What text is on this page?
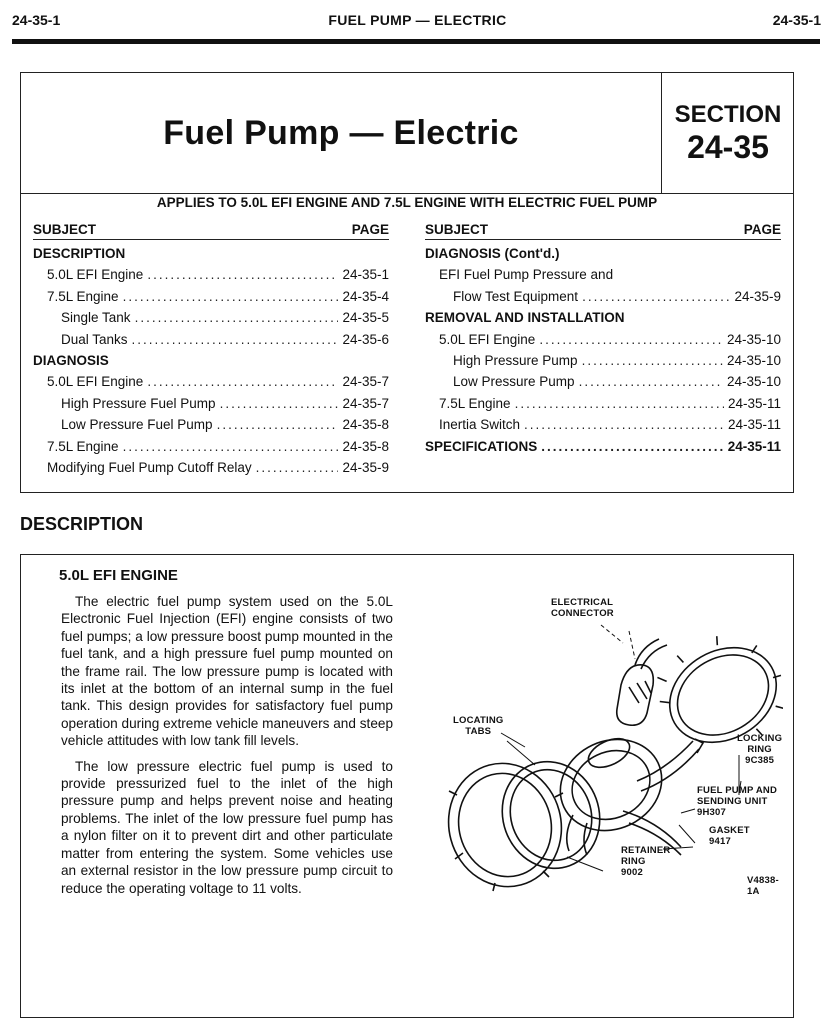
24-35-1	FUEL PUMP — ELECTRIC	24-35-1
Fuel Pump — Electric	SECTION
24-35
APPLIES TO 5.0L EFI ENGINE AND 7.5L ENGINE WITH ELECTRIC FUEL PUMP
SUBJECT	PAGE
DESCRIPTION
5.0L EFI Engine .....	24-35-1
7.5L Engine .....	24-35-4
Single Tank .....	24-35-5
Dual Tanks .....	24-35-6
DIAGNOSIS
5.0L EFI Engine .....	24-35-7
High Pressure Fuel Pump .....	24-35-7
Low Pressure Fuel Pump .....	24-35-8
7.5L Engine .....	24-35-8
Modifying Fuel Pump Cutoff Relay .....	24-35-9
SUBJECT	PAGE
DIAGNOSIS (Cont'd.)
EFI Fuel Pump Pressure and
Flow Test Equipment .....	24-35-9
REMOVAL AND INSTALLATION
5.0L EFI Engine .....	24-35-10
High Pressure Pump .....	24-35-10
Low Pressure Pump .....	24-35-10
7.5L Engine .....	24-35-11
Inertia Switch .....	24-35-11
SPECIFICATIONS .....	24-35-11
DESCRIPTION
5.0L EFI ENGINE

The electric fuel pump system used on the 5.0L Electronic Fuel Injection (EFI) engine consists of two fuel pumps; a low pressure boost pump mounted in the fuel tank, and a high pressure fuel pump mounted on the frame rail. The low pressure pump is located with its inlet at the bottom of an internal sump in the fuel tank. This design provides for satisfactory fuel pump operation during extreme vehicle maneuvers and steep vehicle attitudes with low tank fill levels.

The low pressure electric fuel pump is used to provide pressurized fuel to the inlet of the high pressure pump and helps prevent noise and heating problems. The inlet of the low pressure fuel pump has a nylon filter on it to prevent dirt and other particulate matter from entering the system. Some vehicles use an external resistor in the low pressure pump circuit to reduce the operating voltage to 11 volts.

ELECTRICAL
CONNECTOR
LOCATING
TABS
LOCKING
RING
9C385
FUEL PUMP AND
SENDING UNIT
9H307
GASKET
9417
RETAINER
RING
9002
V4838-1A
